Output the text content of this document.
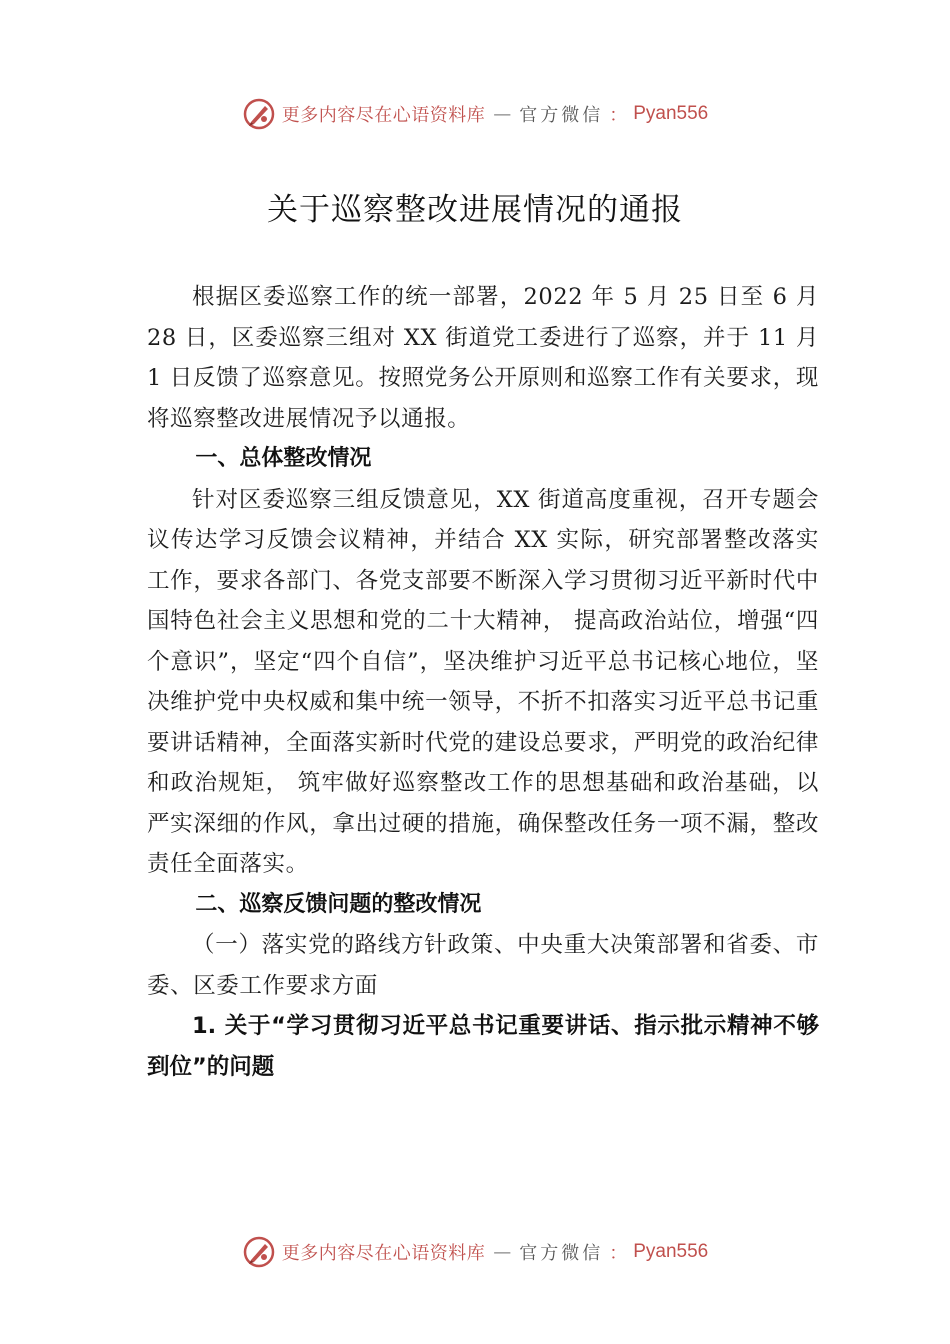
更多内容尽在心语资料库 — 官方微信 ： Pyan556
关于巡察整改进展情况的通报

根据区委巡察工作的统一部署，2022 年 5 月 25 日至 6 月 28 日，区委巡察三组对 XX 街道党工委进行了巡察，并于 11 月 1 日反馈了巡察意见。按照党务公开原则和巡察工作有关要求，现将巡察整改进展情况予以通报。

一、总体整改情况

针对区委巡察三组反馈意见，XX 街道高度重视，召开专题会议传达学习反馈会议精神，并结合 XX 实际，研究部署整改落实工作，要求各部门、各党支部要不断深入学习贯彻习近平新时代中国特色社会主义思想和党的二十大精神， 提高政治站位，增强“四个意识”，坚定“四个自信”，坚决维护习近平总书记核心地位，坚决维护党中央权威和集中统一领导，不折不扣落实习近平总书记重要讲话精神，全面落实新时代党的建设总要求，严明党的政治纪律和政治规矩， 筑牢做好巡察整改工作的思想基础和政治基础，以严实深细的作风，拿出过硬的措施，确保整改任务一项不漏，整改责任全面落实。

二、巡察反馈问题的整改情况

（一）落实党的路线方针政策、中央重大决策部署和省委、市委、区委工作要求方面

1. 关于“学习贯彻习近平总书记重要讲话、指示批示精神不够到位”的问题

更多内容尽在心语资料库 — 官方微信 ： Pyan556
